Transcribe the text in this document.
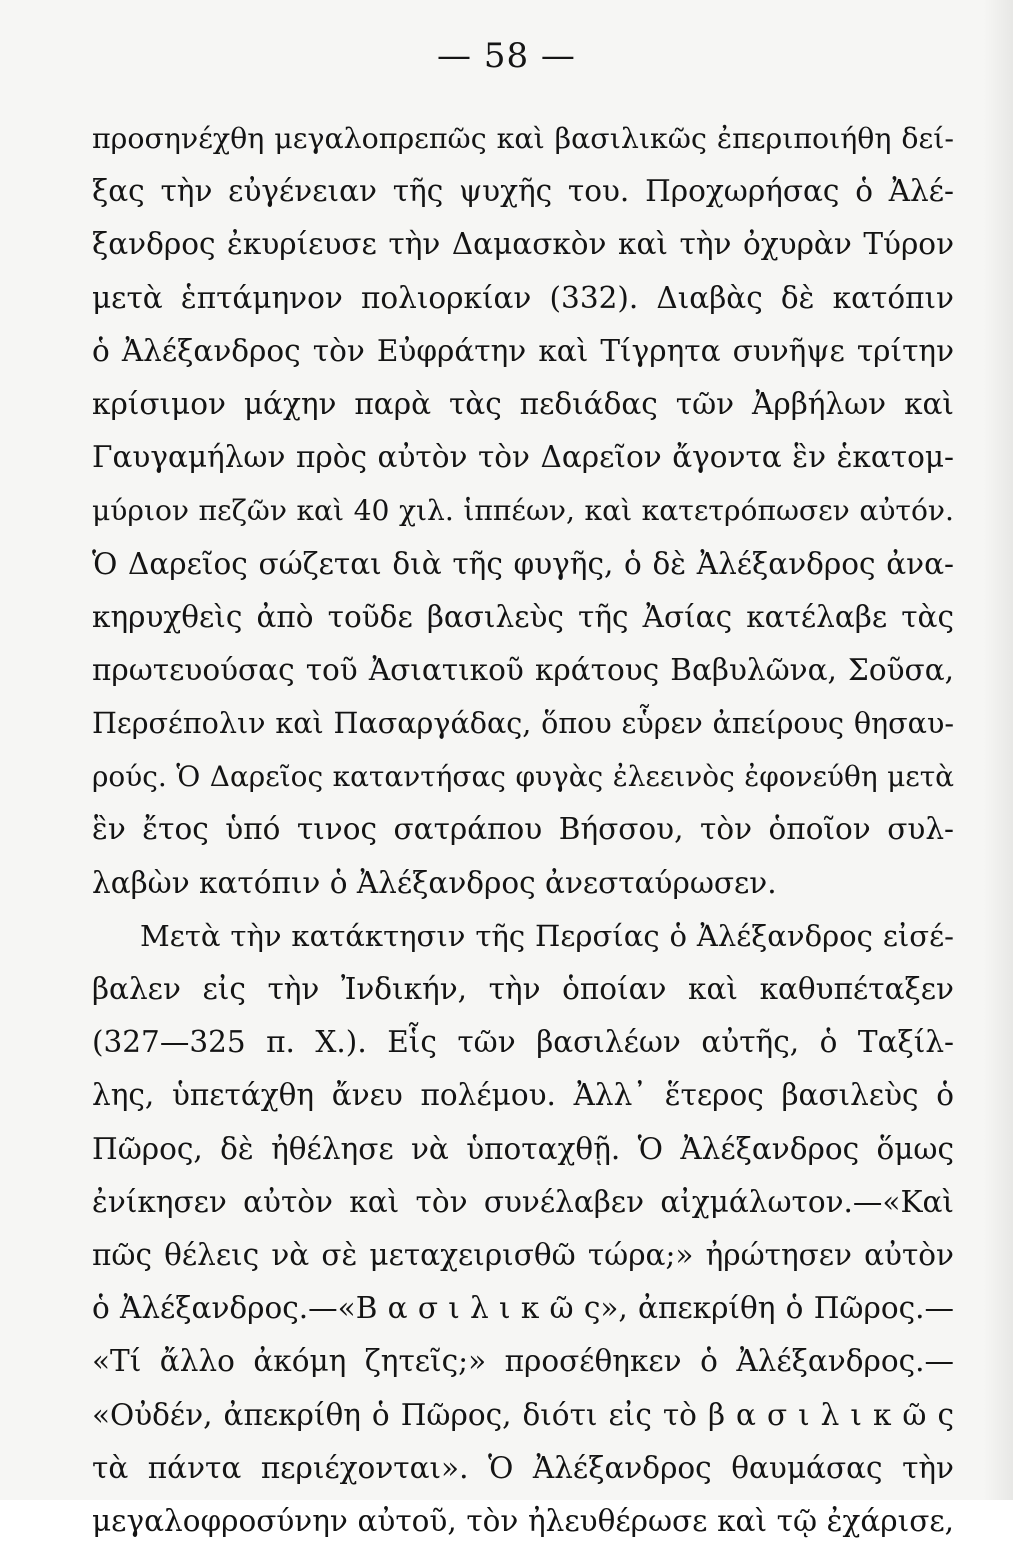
— 58 —
προσηνέχθη μεγαλοπρεπῶς καὶ βασιλικῶς ἐπεριποιήθη δεί-
ξας τὴν εὐγένειαν τῆς ψυχῆς του. Προχωρήσας ὁ Ἀλέ-
ξανδρος ἐκυρίευσε τὴν Δαμασκὸν καὶ τὴν ὀχυρὰν Τύρον
μετὰ ἑπτάμηνον πολιορκίαν (332). Διαβὰς δὲ κατόπιν
ὁ Ἀλέξανδρος τὸν Εὐφράτην καὶ Τίγρητα συνῆψε τρίτην
κρίσιμον μάχην παρὰ τὰς πεδιάδας τῶν Ἀρβήλων καὶ
Γαυγαμήλων πρὸς αὐτὸν τὸν Δαρεῖον ἄγοντα ἓν ἑκατομ-
μύριον πεζῶν καὶ 40 χιλ. ἱππέων, καὶ κατετρόπωσεν αὐτόν.
Ὁ Δαρεῖος σώζεται διὰ τῆς φυγῆς, ὁ δὲ Ἀλέξανδρος ἀνα-
κηρυχθεὶς ἀπὸ τοῦδε βασιλεὺς τῆς Ἀσίας κατέλαβε τὰς
πρωτευούσας τοῦ Ἀσιατικοῦ κράτους Βαβυλῶνα, Σοῦσα,
Περσέπολιν καὶ Πασαργάδας, ὅπου εὗρεν ἀπείρους θησαυ-
ρούς. Ὁ Δαρεῖος καταντήσας φυγὰς ἐλεεινὸς ἐφονεύθη μετὰ
ἓν ἔτος ὑπό τινος σατράπου Βήσσου, τὸν ὁποῖον συλ-
λαβὼν κατόπιν ὁ Ἀλέξανδρος ἀνεσταύρωσεν.
Μετὰ τὴν κατάκτησιν τῆς Περσίας ὁ Ἀλέξανδρος εἰσέ-
βαλεν εἰς τὴν Ἰνδικήν, τὴν ὁποίαν καὶ καθυπέταξεν
(327—325 π. Χ.). Εἷς τῶν βασιλέων αὐτῆς, ὁ Ταξίλ-
λης, ὑπετάχθη ἄνευ πολέμου. Ἀλλ᾽ ἕτερος βασιλεὺς ὁ
Πῶρος, δὲ ἠθέλησε νὰ ὑποταχθῇ. Ὁ Ἀλέξανδρος ὅμως
ἐνίκησεν αὐτὸν καὶ τὸν συνέλαβεν αἰχμάλωτον.—«Καὶ
πῶς θέλεις νὰ σὲ μεταχειρισθῶ τώρα;» ἠρώτησεν αὐτὸν
ὁ Ἀλέξανδρος.—«Β α σ ι λ ι κ ῶ ς», ἀπεκρίθη ὁ Πῶρος.—
«Τί ἄλλο ἀκόμη ζητεῖς;» προσέθηκεν ὁ Ἀλέξανδρος.—
«Οὐδέν, ἀπεκρίθη ὁ Πῶρος, διότι εἰς τὸ β α σ ι λ ι κ ῶ ς
τὰ πάντα περιέχονται». Ὁ Ἀλέξανδρος θαυμάσας τὴν
μεγαλοφροσύνην αὐτοῦ, τὸν ἠλευθέρωσε καὶ τῷ ἐχάρισε,
